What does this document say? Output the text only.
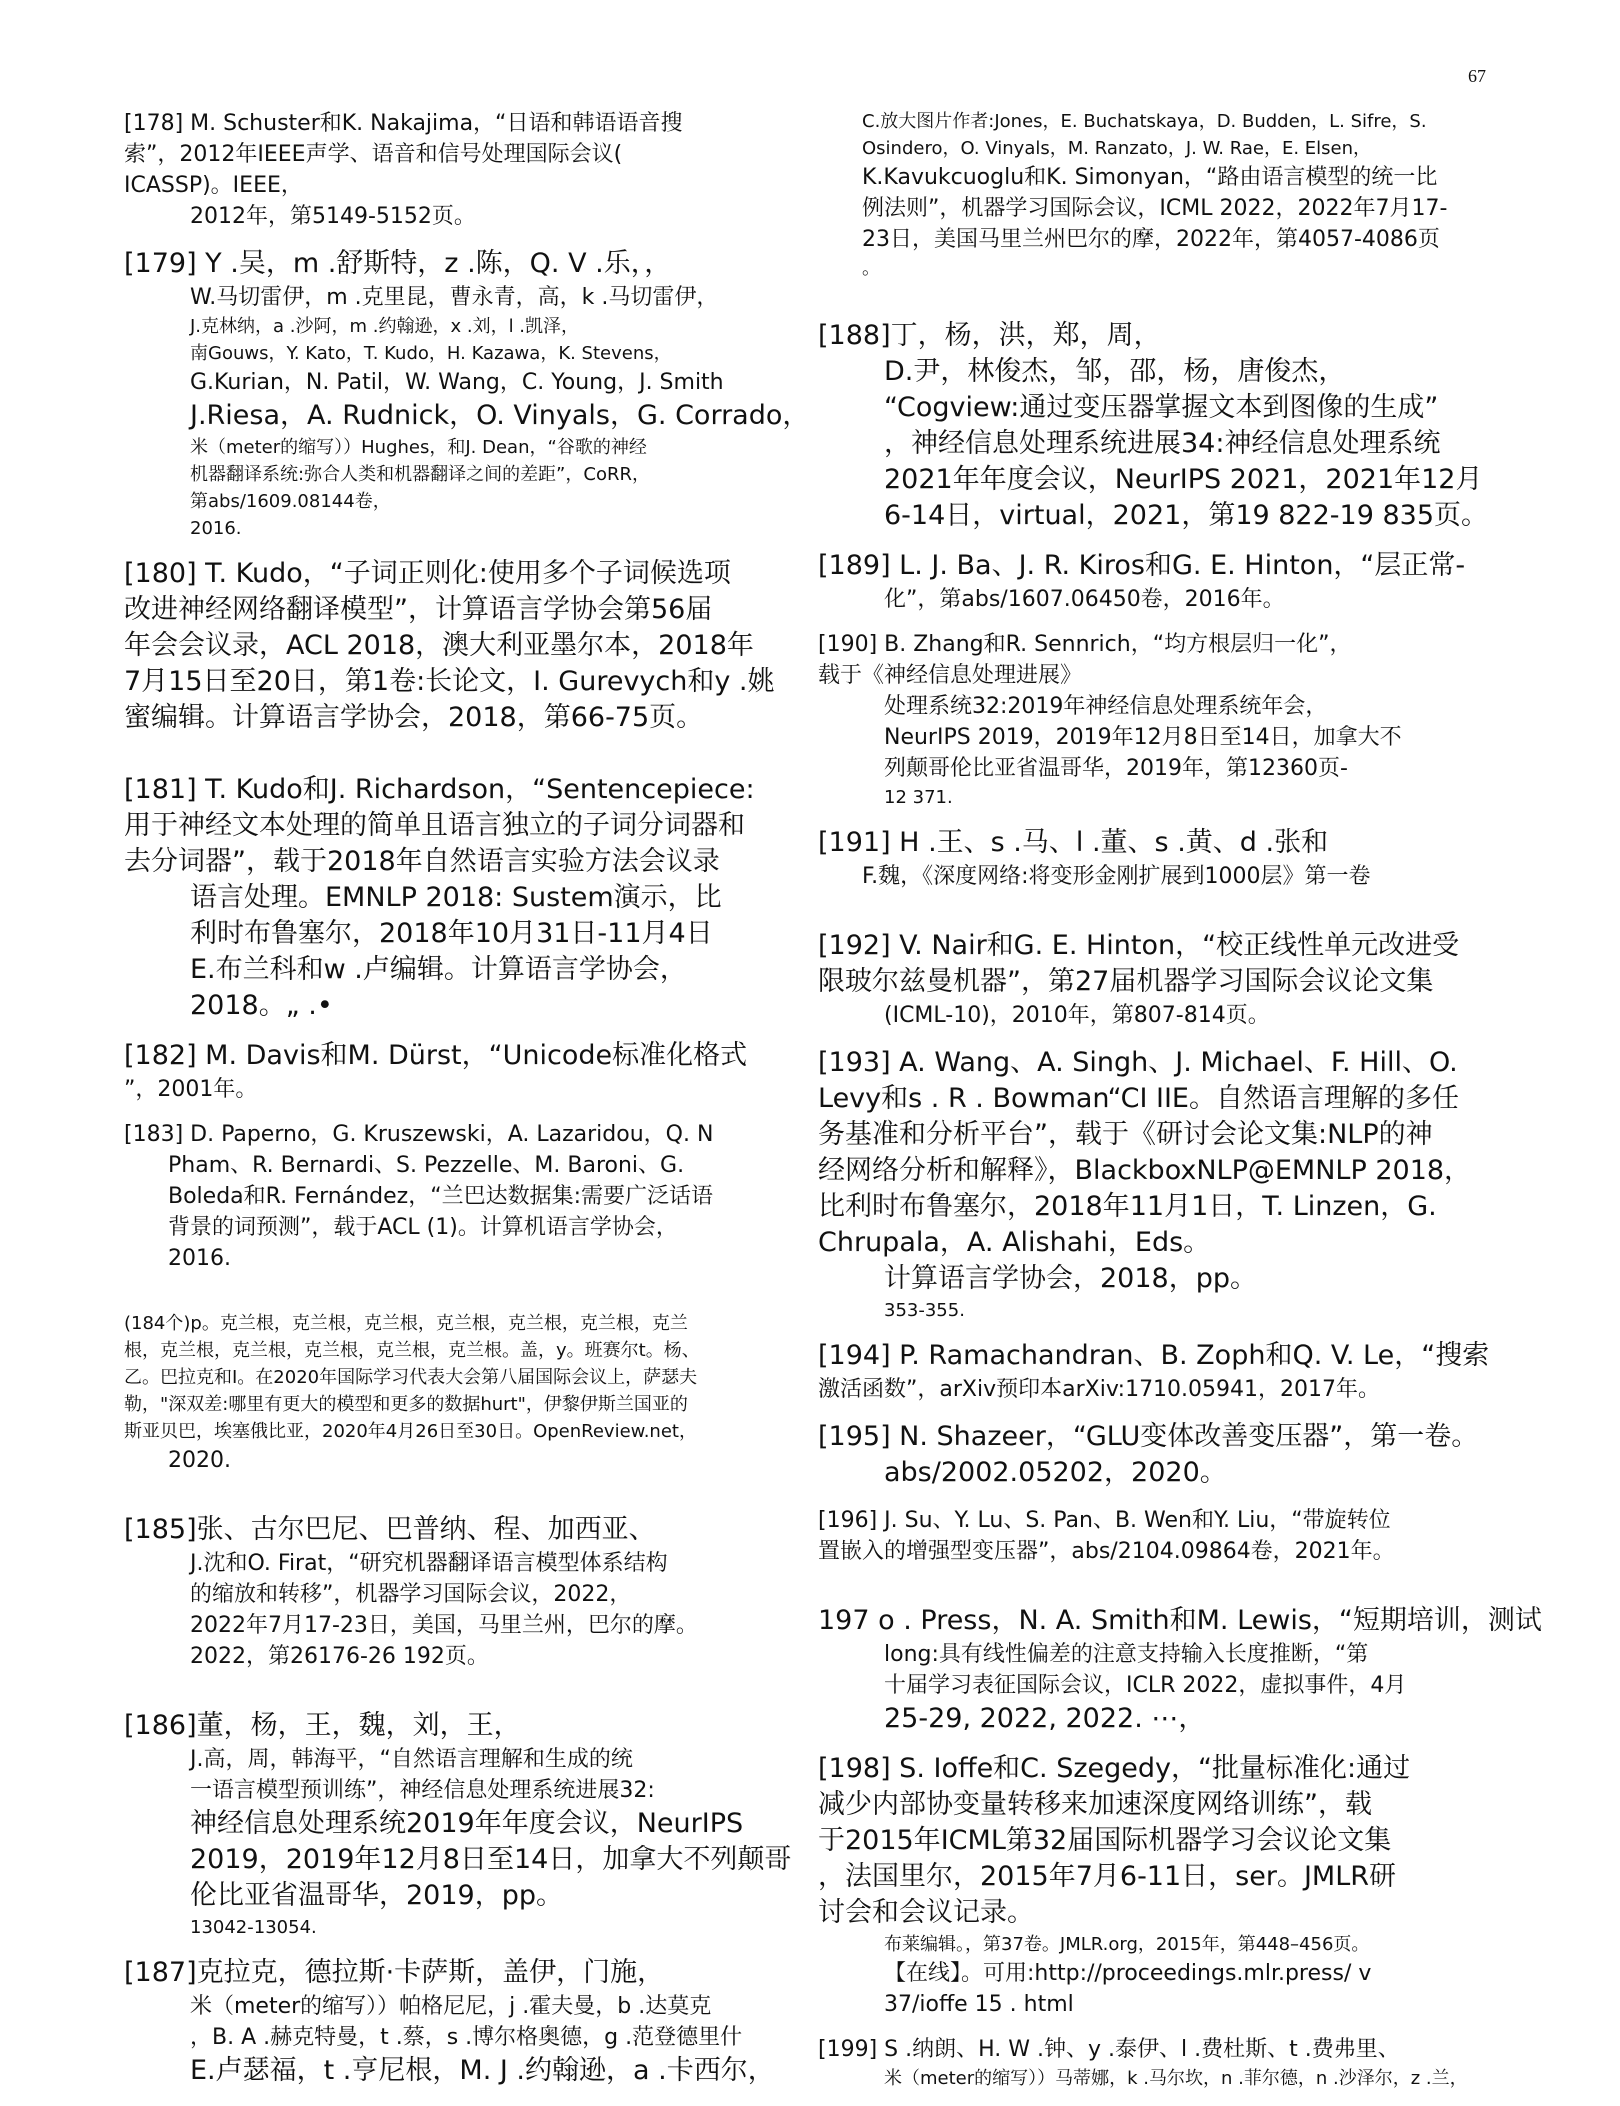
67

[178] M. Schuster和K. Nakajima，“日语和韩语语音搜

索”，2012年IEEE声学、语音和信号处理国际会议(

ICASSP)。IEEE，

2012年，第5149-5152页。

[179] Y .吴，m .舒斯特，z .陈，Q. V .乐，，

W.马切雷伊，m .克里昆，曹永青，高，k .马切雷伊，

J.克林纳，a .沙阿，m .约翰逊，x .刘，l .凯泽，

南Gouws，Y. Kato，T. Kudo，H. Kazawa，K. Stevens，

G.Kurian，N. Patil，W. Wang，C. Young，J. Smith

J.Riesa，A. Rudnick，O. Vinyals，G. Corrado，

米（meter的缩写））Hughes，和J. Dean，“谷歌的神经

机器翻译系统:弥合人类和机器翻译之间的差距”，CoRR，

第abs/1609.08144卷，

2016.

[180] T. Kudo，“子词正则化:使用多个子词候选项

改进神经网络翻译模型”，计算语言学协会第56届

年会会议录，ACL 2018，澳大利亚墨尔本，2018年

7月15日至20日，第1卷:长论文，I. Gurevych和y .姚

蜜编辑。计算语言学协会，2018，第66-75页。

[181] T. Kudo和J. Richardson，“Sentencepiece:

用于神经文本处理的简单且语言独立的子词分词器和

去分词器”，载于2018年自然语言实验方法会议录

语言处理。EMNLP 2018: Sustem演示，比

利时布鲁塞尔，2018年10月31日-11月4日

E.布兰科和w .卢编辑。计算语言学协会，

2018。„ .•

[182] M. Davis和M. Dürst，“Unicode标准化格式

”，2001年。

[183] D. Paperno，G. Kruszewski，A. Lazaridou，Q. N

Pham、R. Bernardi、S. Pezzelle、M. Baroni、G.

Boleda和R. Fernández，“兰巴达数据集:需要广泛话语

背景的词预测”，载于ACL (1)。计算机语言学协会，

2016.

(184个)p。克兰根，克兰根，克兰根，克兰根，克兰根，克兰根，克兰

根，克兰根，克兰根，克兰根，克兰根，克兰根。盖，y。班赛尔t。杨、

乙。巴拉克和I。在2020年国际学习代表大会第八届国际会议上，萨瑟夫

勒，"深双差:哪里有更大的模型和更多的数据hurt"，伊黎伊斯兰国亚的

斯亚贝巴，埃塞俄比亚，2020年4月26日至30日。OpenReview.net，

2020.

[185]张、古尔巴尼、巴普纳、程、加西亚、

J.沈和O. Firat，“研究机器翻译语言模型体系结构

的缩放和转移”，机器学习国际会议，2022，

2022年7月17-23日，美国，马里兰州，巴尔的摩。

2022，第26176-26 192页。

[186]董，杨，王，魏，刘，王，

J.高，周，韩海平，“自然语言理解和生成的统

一语言模型预训练”，神经信息处理系统进展32:

神经信息处理系统2019年年度会议，NeurIPS

2019，2019年12月8日至14日，加拿大不列颠哥

伦比亚省温哥华，2019，pp。

13042-13054.

[187]克拉克，德拉斯·卡萨斯，盖伊，门施，

米（meter的缩写））帕格尼尼，j .霍夫曼，b .达莫克

，B. A .赫克特曼，t .蔡，s .博尔格奥德，g .范登德里什

E.卢瑟福，t .亨尼根，M. J .约翰逊，a .卡西尔，

C.放大图片作者:Jones，E. Buchatskaya，D. Budden，L. Sifre，S.

Osindero，O. Vinyals，M. Ranzato，J. W. Rae，E. Elsen，

K.Kavukcuoglu和K. Simonyan，“路由语言模型的统一比

例法则”，机器学习国际会议，ICML 2022，2022年7月17-

23日，美国马里兰州巴尔的摩，2022年，第4057-4086页

。

[188]丁，杨，洪，郑，周，

D.尹，林俊杰，邹，邵，杨，唐俊杰，

“Cogview:通过变压器掌握文本到图像的生成”

，神经信息处理系统进展34:神经信息处理系统

2021年年度会议，NeurIPS 2021，2021年12月

6-14日，virtual，2021，第19 822-19 835页。

[189] L. J. Ba、J. R. Kiros和G. E. Hinton，“层正常-

化”，第abs/1607.06450卷，2016年。

[190] B. Zhang和R. Sennrich，“均方根层归一化”，

载于《神经信息处理进展》

处理系统32:2019年神经信息处理系统年会，

NeurIPS 2019，2019年12月8日至14日，加拿大不

列颠哥伦比亚省温哥华，2019年，第12360页-

12 371.

[191] H .王、s .马、l .董、s .黄、d .张和

F.魏，《深度网络:将变形金刚扩展到1000层》第一卷

[192] V. Nair和G. E. Hinton，“校正线性单元改进受

限玻尔兹曼机器”，第27届机器学习国际会议论文集

(ICML-10)，2010年，第807-814页。

[193] A. Wang、A. Singh、J. Michael、F. Hill、O.

Levy和s . R . Bowman“CI IIE。自然语言理解的多任

务基准和分析平台”，载于《研讨会论文集:NLP的神

经网络分析和解释》，BlackboxNLP@EMNLP 2018，

比利时布鲁塞尔，2018年11月1日，T. Linzen，G.

Chrupala，A. Alishahi，Eds。

计算语言学协会，2018，pp。

353-355.

[194] P. Ramachandran、B. Zoph和Q. V. Le，“搜索

激活函数”，arXiv预印本arXiv:1710.05941，2017年。

[195] N. Shazeer，“GLU变体改善变压器”，第一卷。

abs/2002.05202，2020。

[196] J. Su、Y. Lu、S. Pan、B. Wen和Y. Liu，“带旋转位

置嵌入的增强型变压器”，abs/2104.09864卷，2021年。

197 o . Press，N. A. Smith和M. Lewis，“短期培训，测试

long:具有线性偏差的注意支持输入长度推断，“第

十届学习表征国际会议，ICLR 2022，虚拟事件，4月

25-29, 2022, 2022. ⋯，

[198] S. Ioffe和C. Szegedy，“批量标准化:通过

减少内部协变量转移来加速深度网络训练”，载

于2015年ICML第32届国际机器学习会议论文集

，法国里尔，2015年7月6-11日，ser。JMLR研

讨会和会议记录。

布莱编辑。，第37卷。JMLR.org，2015年，第448–456页。

【在线】。可用:http://proceedings.mlr.press/ v

37/ioffe 15 . html

[199] S .纳朗、H. W .钟、y .泰伊、l .费杜斯、t .费弗里、

米（meter的缩写））马蒂娜，k .马尔坎，n .菲尔德，n .沙泽尔，z .兰，
